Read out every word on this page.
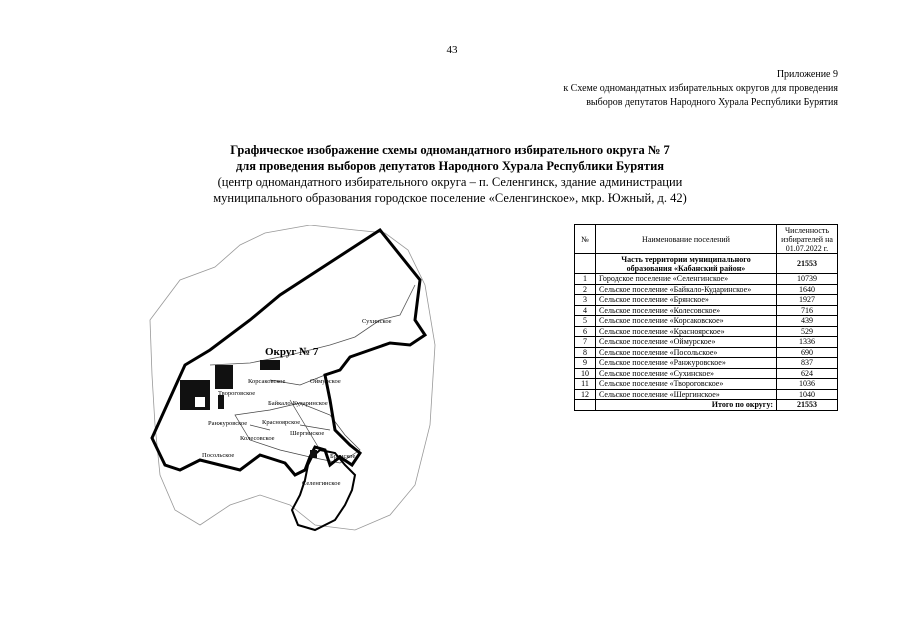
43
Приложение 9
к Схеме одномандатных избирательных округов для проведения
выборов депутатов Народного Хурала Республики Бурятия
Графическое изображение схемы одномандатного избирательного округа № 7
для проведения выборов депутатов Народного Хурала Республики Бурятия
(центр одномандатного избирательного округа – п. Селенгинск, здание администрации
муниципального образования городское поселение «Селенгинское», мкр. Южный, д. 42)
Округ № 7
Сухинское
Корсаковское	Оймурское
Твороговское
Байкало-Кударинское
Ранжуровское Красноярское
Шергинское
Колесовское
Посольское	Брянское
Селенгинское
№	Наименование поселений	Численность избирателей на 01.07.2022 г.
	Часть территории муниципального образования «Кабанский район»	21553
1	Городское поселение «Селенгинское»	10739
2	Сельское поселение «Байкало-Кударинское»	1640
3	Сельское поселение «Брянское»	1927
4	Сельское поселение «Колесовское»	716
5	Сельское поселение «Корсаковское»	439
6	Сельское поселение «Красноярское»	529
7	Сельское поселение «Оймурское»	1336
8	Сельское поселение «Посольское»	690
9	Сельское поселение «Ранжуровское»	837
10	Сельское поселение «Сухинское»	624
11	Сельское поселение «Твороговское»	1036
12	Сельское поселение «Шергинское»	1040
	Итого по округу:	21553
